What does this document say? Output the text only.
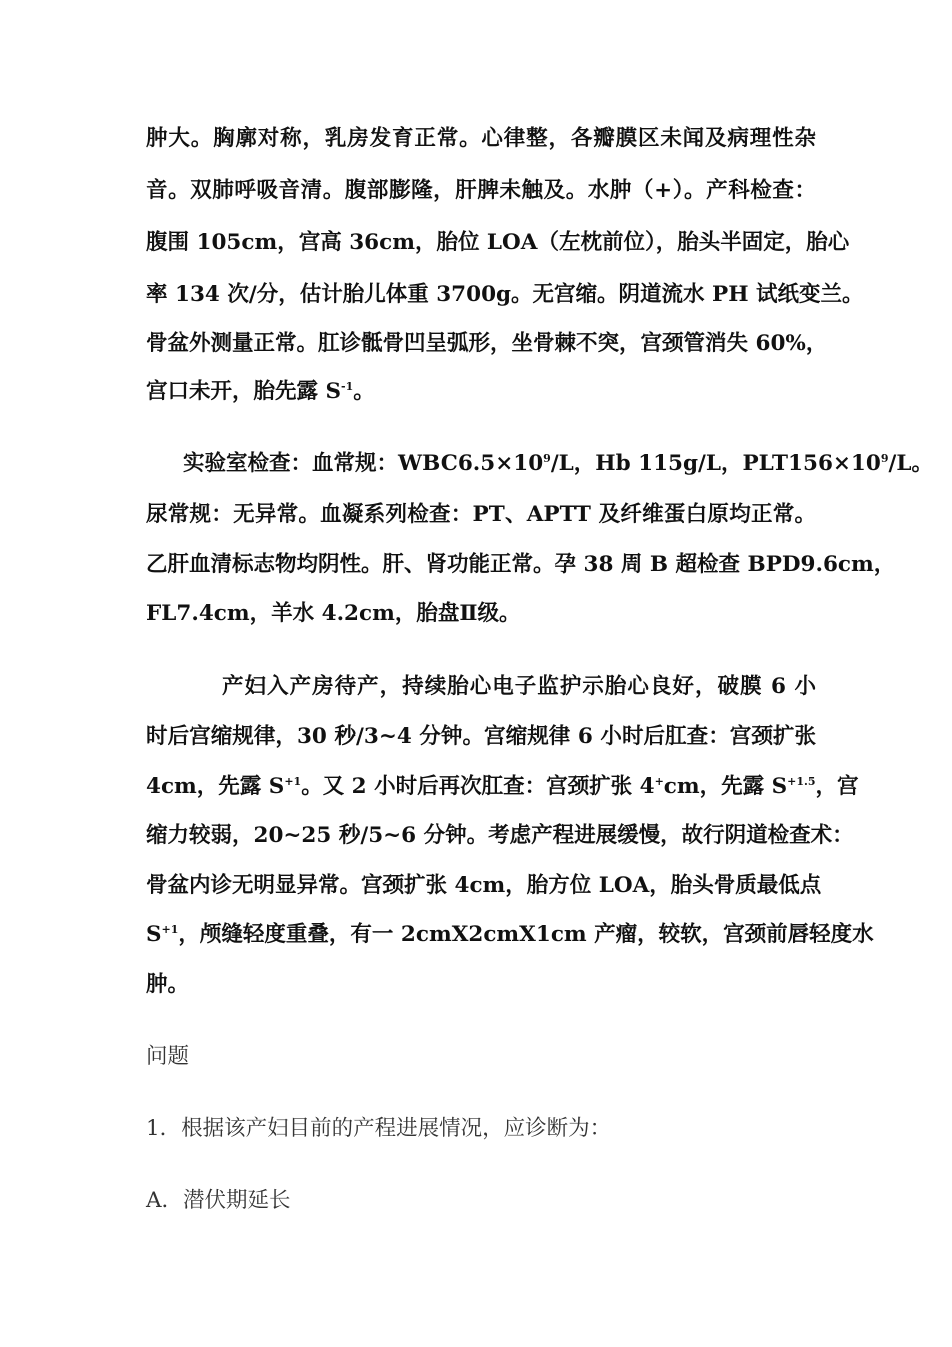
肿大。胸廓对称，乳房发育正常。心律整，各瓣膜区未闻及病理性杂
音。双肺呼吸音清。腹部膨隆，肝脾未触及。水肿（+）。产科检查：
腹围 105cm，宫高 36cm，胎位 LOA（左枕前位），胎头半固定，胎心
率 134 次/分，估计胎儿体重 3700g。无宫缩。阴道流水 PH 试纸变兰。
骨盆外测量正常。肛诊骶骨凹呈弧形，坐骨棘不突，宫颈管消失 60%，
宫口未开，胎先露 $S^{-1}$。
实验室检查：血常规：$WBC6.5\times 10^9/L$，Hb 115g/L，$PLT156\times 10^9/L$。
尿常规：无异常。血凝系列检查：PT、APTT 及纤维蛋白原均正常。
乙肝血清标志物均阴性。肝、肾功能正常。孕 38 周 B 超检查 BPD9.6cm，
FL7.4cm，羊水 4.2cm，胎盘Ⅱ级。
产妇入产房待产，持续胎心电子监护示胎心良好，破膜 6 小
时后宫缩规律，30 秒/3~4 分钟。宫缩规律 6 小时后肛查：宫颈扩张
4cm，先露 $S^{+1}$。又 2 小时后再次肛查：宫颈扩张 4+cm，先露 $S^{+1.5}$，宫
缩力较弱，20~25 秒/5~6 分钟。考虑产程进展缓慢，故行阴道检查术：
骨盆内诊无明显异常。宫颈扩张 4cm，胎方位 LOA，胎头骨质最低点
$S^{+1}$，颅缝轻度重叠，有一 2cmX2cmX1cm 产瘤，较软，宫颈前唇轻度水
肿。
问题
1．根据该产妇目前的产程进展情况，应诊断为：
A．潜伏期延长
